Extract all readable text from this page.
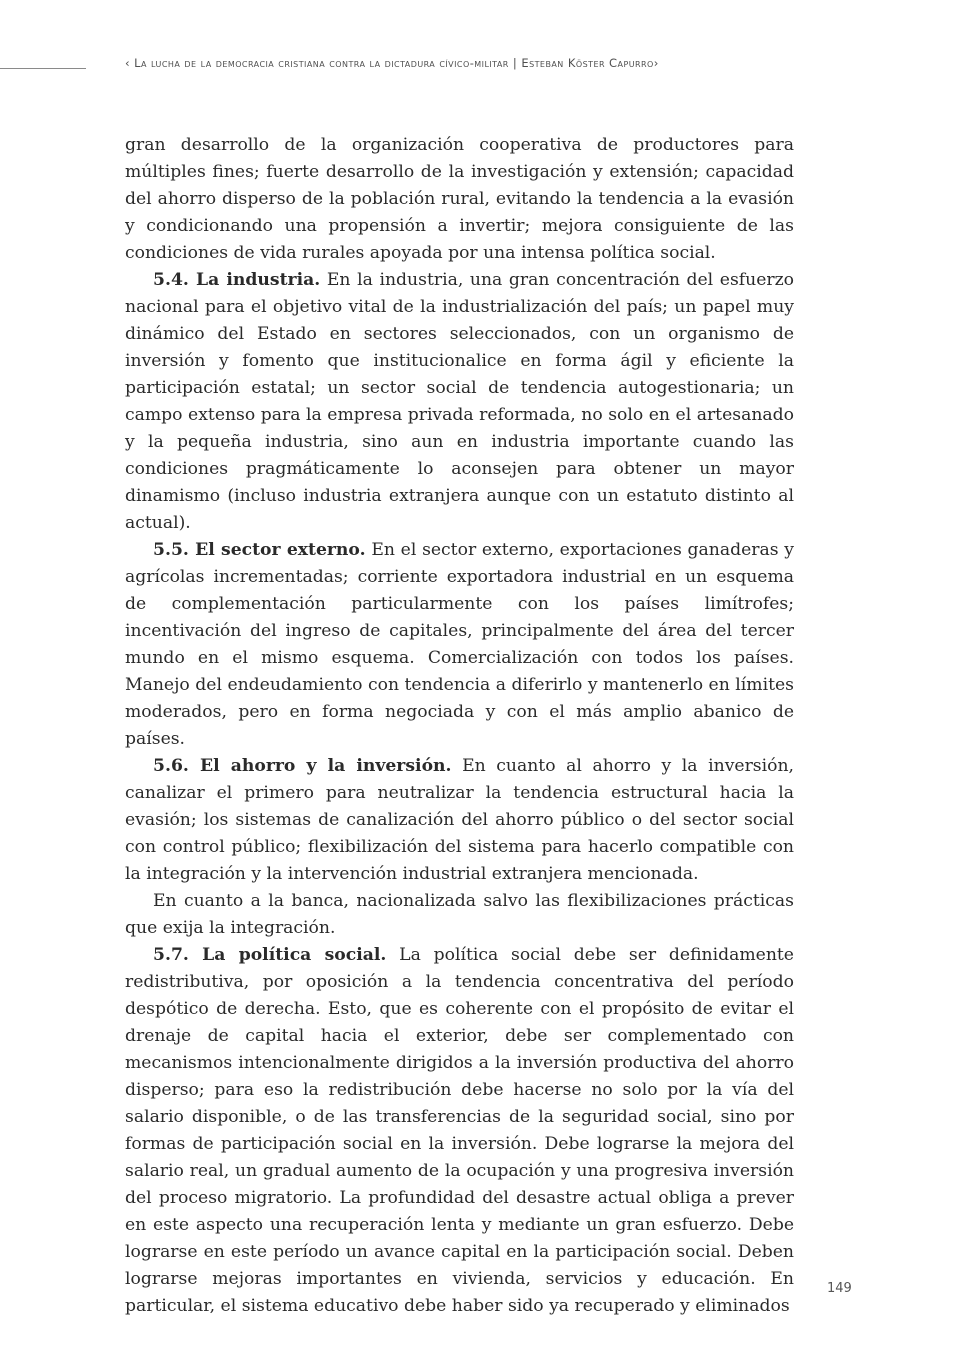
‹ La lucha de la democracia cristiana contra la dictadura cívico-militar | Esteban Köster Capurro›

gran desarrollo de la organización cooperativa de productores para múltiples fines; fuerte desarrollo de la investigación y extensión; capacidad del ahorro disperso de la población rural, evitando la tendencia a la evasión y condicionando una propensión a invertir; mejora consiguiente de las condiciones de vida rurales apoyada por una intensa política social.

5.4. La industria. En la industria, una gran concentración del esfuerzo nacional para el objetivo vital de la industrialización del país; un papel muy dinámico del Estado en sectores seleccionados, con un organismo de inversión y fomento que institucionalice en forma ágil y eficiente la participación estatal; un sector social de tendencia autogestionaria; un campo extenso para la empresa privada reformada, no solo en el artesanado y la pequeña industria, sino aun en industria importante cuando las condiciones pragmáticamente lo aconsejen para obtener un mayor dinamismo (incluso industria extranjera aunque con un estatuto distinto al actual).

5.5. El sector externo. En el sector externo, exportaciones ganaderas y agrícolas incrementadas; corriente exportadora industrial en un esquema de complementación particularmente con los países limítrofes; incentivación del ingreso de capitales, principalmente del área del tercer mundo en el mismo esquema. Comercialización con todos los países. Manejo del endeudamiento con tendencia a diferirlo y mantenerlo en límites moderados, pero en forma negociada y con el más amplio abanico de países.

5.6. El ahorro y la inversión. En cuanto al ahorro y la inversión, canalizar el primero para neutralizar la tendencia estructural hacia la evasión; los sistemas de canalización del ahorro público o del sector social con control público; flexibilización del sistema para hacerlo compatible con la integración y la intervención industrial extranjera mencionada.

En cuanto a la banca, nacionalizada salvo las flexibilizaciones prácticas que exija la integración.

5.7. La política social. La política social debe ser definidamente redistributiva, por oposición a la tendencia concentrativa del período despótico de derecha. Esto, que es coherente con el propósito de evitar el drenaje de capital hacia el exterior, debe ser complementado con mecanismos intencionalmente dirigidos a la inversión productiva del ahorro disperso; para eso la redistribución debe hacerse no solo por la vía del salario disponible, o de las transferencias de la seguridad social, sino por formas de participación social en la inversión. Debe lograrse la mejora del salario real, un gradual aumento de la ocupación y una progresiva inversión del proceso migratorio. La profundidad del desastre actual obliga a prever en este aspecto una recuperación lenta y mediante un gran esfuerzo. Debe lograrse en este período un avance capital en la participación social. Deben lograrse mejoras importantes en vivienda, servicios y educación. En particular, el sistema educativo debe haber sido ya recuperado y eliminados

149
